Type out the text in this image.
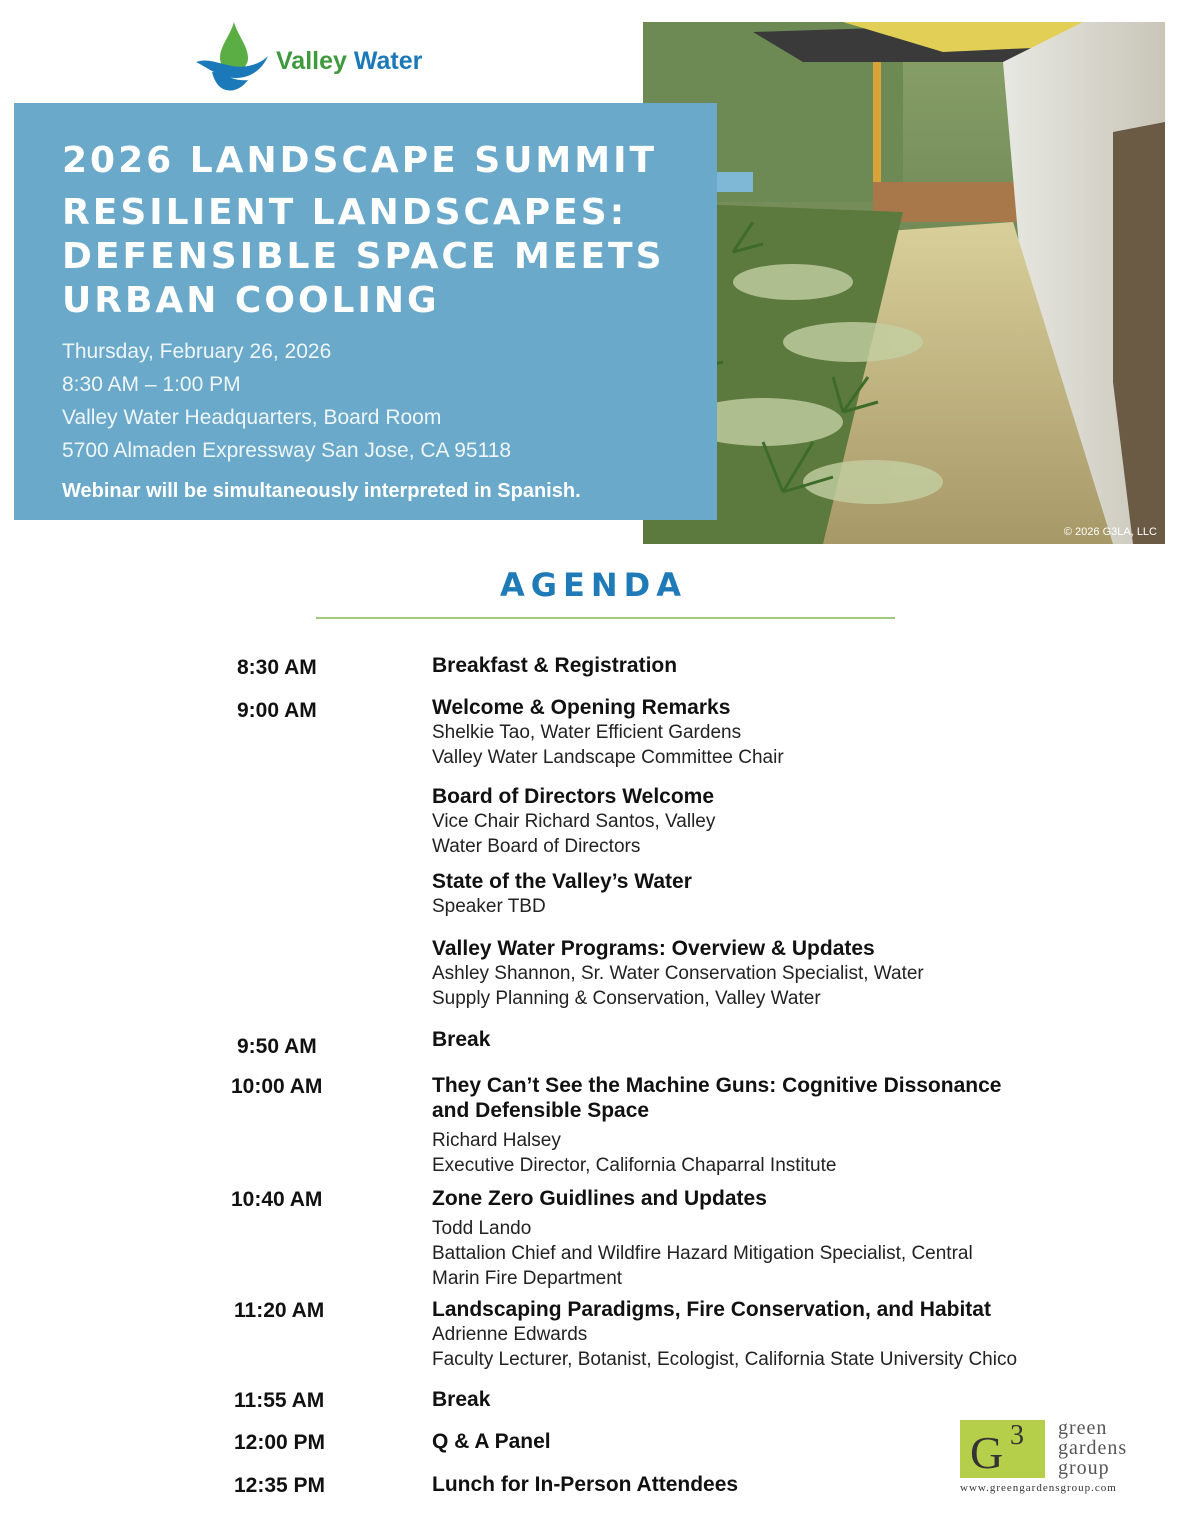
Valley Water
© 2026 G3LA, LLC
2026 LANDSCAPE SUMMIT
RESILIENT LANDSCAPES:
DEFENSIBLE SPACE MEETS
URBAN COOLING
Thursday, February 26, 2026
8:30 AM – 1:00 PM
Valley Water Headquarters, Board Room
5700 Almaden Expressway San Jose, CA 95118
Webinar will be simultaneously interpreted in Spanish.
AGENDA
8:30 AM	Breakfast & Registration
9:00 AM	Welcome & Opening Remarks
Shelkie Tao, Water Efficient Gardens
Valley Water Landscape Committee Chair
Board of Directors Welcome
Vice Chair Richard Santos, Valley
Water Board of Directors
State of the Valley’s Water
Speaker TBD
Valley Water Programs: Overview & Updates
Ashley Shannon, Sr. Water Conservation Specialist, Water
Supply Planning & Conservation, Valley Water
9:50 AM	Break
10:00 AM	They Can’t See the Machine Guns: Cognitive Dissonance
and Defensible Space
Richard Halsey
Executive Director, California Chaparral Institute
10:40 AM	Zone Zero Guidlines and Updates
Todd Lando
Battalion Chief and Wildfire Hazard Mitigation Specialist, Central
Marin Fire Department
11:20 AM	Landscaping Paradigms, Fire Conservation, and Habitat
Adrienne Edwards
Faculty Lecturer, Botanist, Ecologist, California State University Chico
11:55 AM	Break
12:00 PM	Q & A Panel
12:35 PM	Lunch for In-Person Attendees
G 3 green
gardens
group
www.greengardensgroup.com
